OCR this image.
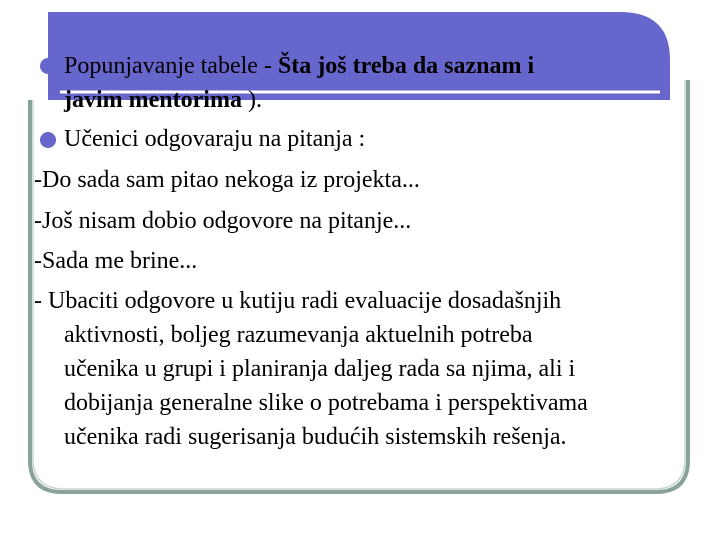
Popunjavanje tabele - Šta još treba da saznam i
javim mentorima ).
Učenici odgovaraju na pitanja :
-Do sada sam pitao nekoga iz projekta...
-Još nisam dobio odgovore na pitanje...
-Sada me brine...
- Ubaciti odgovore u kutiju radi evaluacije dosadašnjih
aktivnosti, boljeg razumevanja aktuelnih potreba
učenika u grupi i planiranja daljeg rada sa njima, ali i
dobijanja generalne slike o potrebama i perspektivama
učenika radi sugerisanja budućih sistemskih rešenja.
